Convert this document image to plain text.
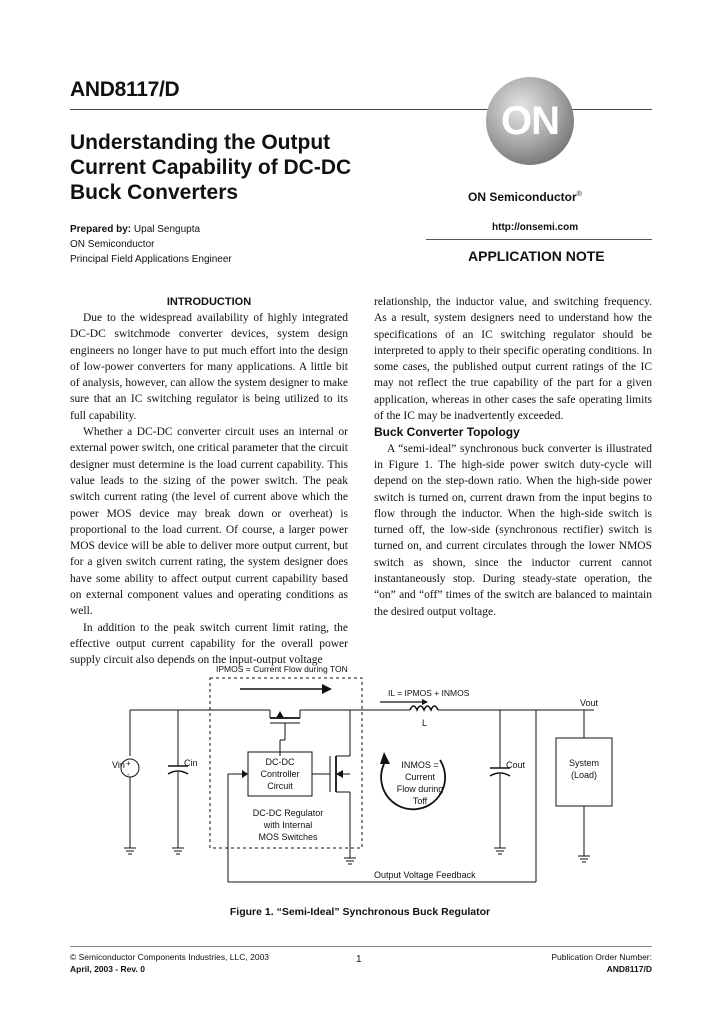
AND8117/D
Understanding the Output
Current Capability of DC-DC
Buck Converters
ON
ON Semiconductor®
http://onsemi.com
APPLICATION NOTE
Prepared by: Upal Sengupta
ON Semiconductor
Principal Field Applications Engineer
INTRODUCTION

Due to the widespread availability of highly integrated DC-DC switchmode converter devices, system design engineers no longer have to put much effort into the design of low-power converters for many applications. A little bit of analysis, however, can allow the system designer to make sure that an IC switching regulator is being utilized to its full capability.

Whether a DC-DC converter circuit uses an internal or external power switch, one critical parameter that the circuit designer must determine is the load current capability. This value leads to the sizing of the power switch. The peak switch current rating (the level of current above which the power MOS device may break down or overheat) is proportional to the load current. Of course, a larger power MOS device will be able to deliver more output current, but for a given switch current rating, the system designer does have some ability to affect output current capability based on external component values and operating conditions as well.

In addition to the peak switch current limit rating, the effective output current capability for the overall power supply circuit also depends on the input-output voltage

relationship, the inductor value, and switching frequency. As a result, system designers need to understand how the specifications of an IC switching regulator should be interpreted to apply to their specific operating conditions. In some cases, the published output current ratings of the IC may not reflect the true capability of the part for a given application, whereas in other cases the safe operating limits of the IC may be inadvertently exceeded.

Buck Converter Topology

A “semi-ideal” synchronous buck converter is illustrated in Figure 1. The high-side power switch duty-cycle will depend on the step-down ratio. When the high-side power switch is turned on, current drawn from the input begins to flow through the inductor. When the high-side switch is turned off, the low-side (synchronous rectifier) switch is turned on, and current circulates through the lower NMOS switch as shown, since the inductor current cannot instantaneously stop. During steady-state operation, the “on” and “off” times of the switch are balanced to maintain the desired output voltage.

IPMOS = Current Flow during TON
+
-
Vin	Cin	DC-DC
Controller
Circuit
DC-DC Regulator
with Internal
MOS Switches
L
IL = IPMOS + INMOS
INMOS =
Current
Flow during
Toff
Cout	System
(Load)
Vout
Output Voltage Feedback
Figure 1. “Semi-Ideal” Synchronous Buck Regulator
© Semiconductor Components Industries, LLC, 2003
April, 2003 - Rev. 0
1	Publication Order Number:
AND8117/D
